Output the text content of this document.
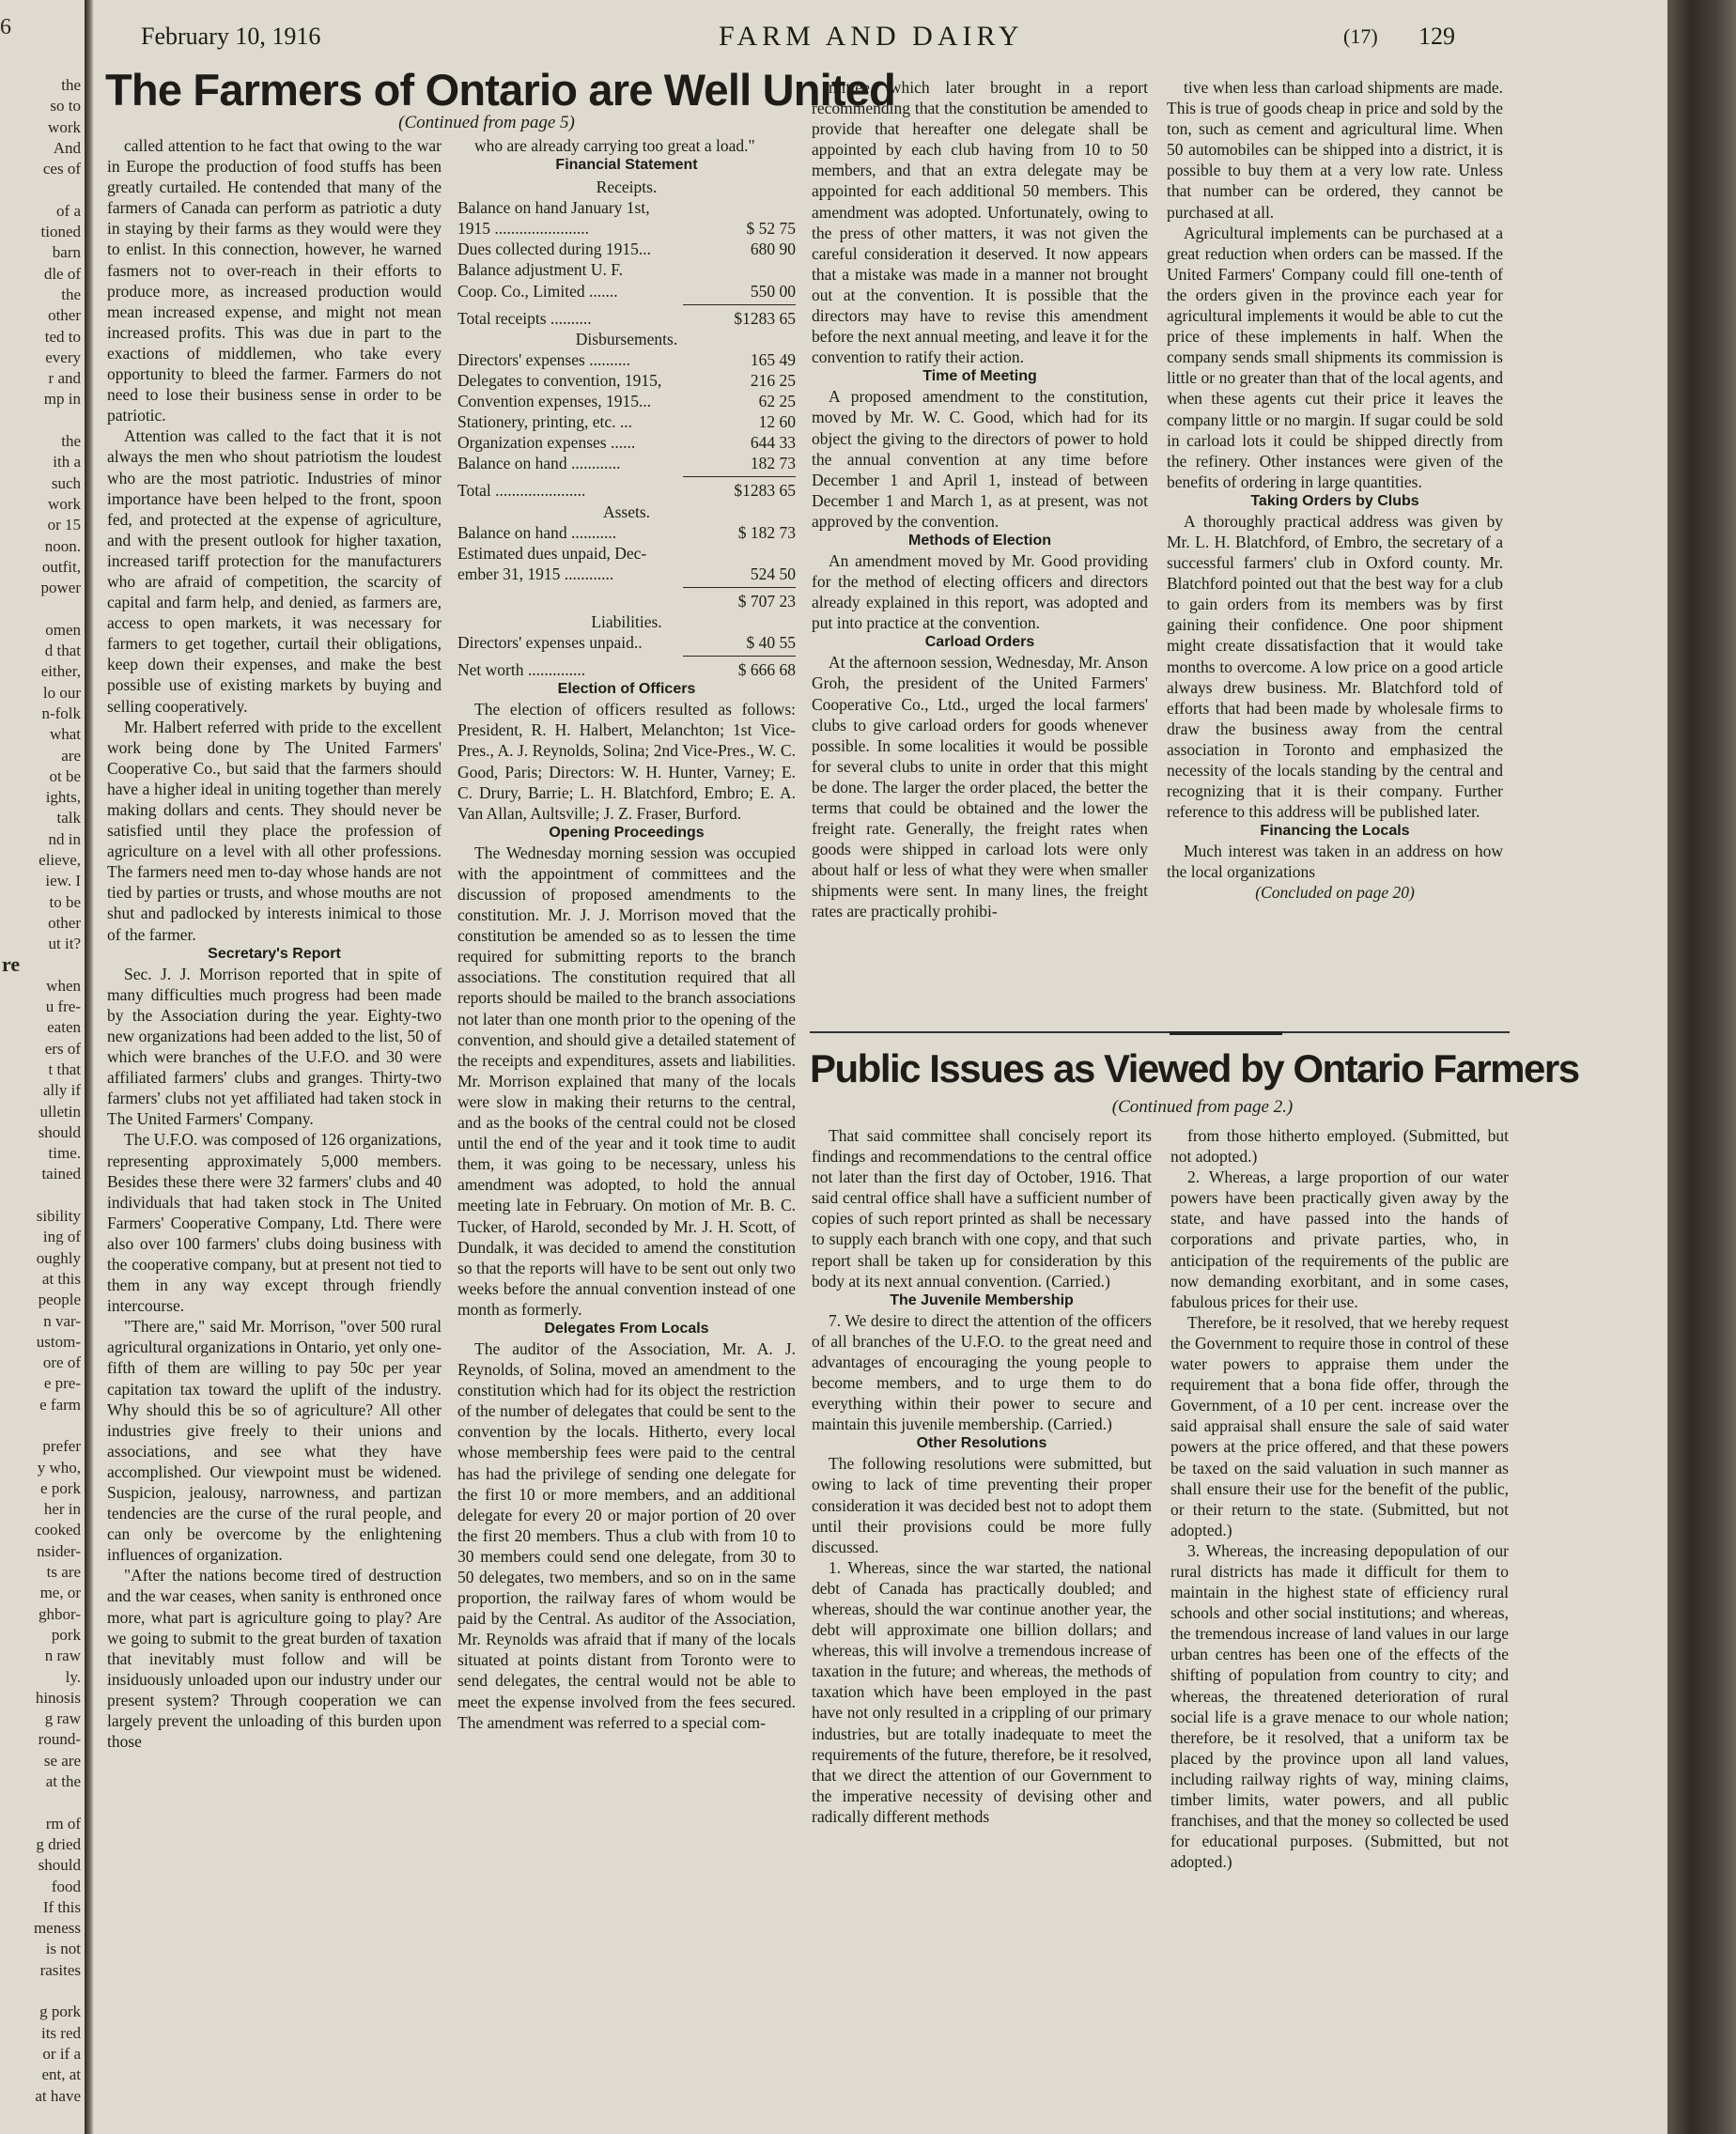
February 10, 1916	FARM AND DAIRY	(17) 129
6
the
so to
work
And
ces of

of a
tioned
barn
dle of
the
other
ted to
every
r and
mp in

the
ith a
such
work
or 15
noon.
outfit,
power

omen
d that
either,
lo our
n-folk
what
are
ot be
ights,
talk
nd in
elieve,
iew. I
to be
other
ut it?
re
when
u fre-
eaten
ers of
t that
ally if
ulletin
should
time.
tained

sibility
ing of
oughly
at this
people
n var-
ustom-
ore of
e pre-
e farm

prefer
y who,
e pork
her in
cooked
nsider-
ts are
me, or
ghbor-
pork
n raw
ly.
hinosis
g raw
round-
se are
at the

rm of
g dried
should
food
If this
meness
is not
rasites

g pork
its red
or if a
ent, at
at have
The Farmers of Ontario are Well United
(Continued from page 5)

called attention to he fact that owing to the war in Europe the production of food stuffs has been greatly curtailed. He contended that many of the farmers of Canada can perform as patriotic a duty in staying by their farms as they would were they to enlist. In this connection, however, he warned fasmers not to over-reach in their efforts to produce more, as increased production would mean increased expense, and might not mean increased profits. This was due in part to the exactions of middlemen, who take every opportunity to bleed the farmer. Farmers do not need to lose their business sense in order to be patriotic.

Attention was called to the fact that it is not always the men who shout patriotism the loudest who are the most patriotic. Industries of minor importance have been helped to the front, spoon fed, and protected at the expense of agriculture, and with the present outlook for higher taxation, increased tariff protection for the manufacturers who are afraid of competition, the scarcity of capital and farm help, and denied, as farmers are, access to open markets, it was necessary for farmers to get together, curtail their obligations, keep down their expenses, and make the best possible use of existing markets by buying and selling cooperatively.

Mr. Halbert referred with pride to the excellent work being done by The United Farmers' Cooperative Co., but said that the farmers should have a higher ideal in uniting together than merely making dollars and cents. They should never be satisfied until they place the profession of agriculture on a level with all other professions. The farmers need men to-day whose hands are not tied by parties or trusts, and whose mouths are not shut and padlocked by interests inimical to those of the farmer.

Secretary's Report

Sec. J. J. Morrison reported that in spite of many difficulties much progress had been made by the Association during the year. Eighty-two new organizations had been added to the list, 50 of which were branches of the U.F.O. and 30 were affiliated farmers' clubs and granges. Thirty-two farmers' clubs not yet affiliated had taken stock in The United Farmers' Company.

The U.F.O. was composed of 126 organizations, representing approximately 5,000 members. Besides these there were 32 farmers' clubs and 40 individuals that had taken stock in The United Farmers' Cooperative Company, Ltd. There were also over 100 farmers' clubs doing business with the cooperative company, but at present not tied to them in any way except through friendly intercourse.

"There are," said Mr. Morrison, "over 500 rural agricultural organizations in Ontario, yet only one-fifth of them are willing to pay 50c per year capitation tax toward the uplift of the industry. Why should this be so of agriculture? All other industries give freely to their unions and associations, and see what they have accomplished. Our viewpoint must be widened. Suspicion, jealousy, narrowness, and partizan tendencies are the curse of the rural people, and can only be overcome by the enlightening influences of organization.

"After the nations become tired of destruction and the war ceases, when sanity is enthroned once more, what part is agriculture going to play? Are we going to submit to the great burden of taxation that inevitably must follow and will be insiduously unloaded upon our industry under our present system? Through cooperation we can largely prevent the unloading of this burden upon those

who are already carrying too great a load."

Financial Statement
Receipts.
Balance on hand January 1st,
1915 .......................	$ 52 75
Dues collected during 1915...	680 90
Balance adjustment U. F.
Coop. Co., Limited .......	550 00
Total receipts ..........	$1283 65
Disbursements.
Directors' expenses ..........	165 49
Delegates to convention, 1915,	216 25
Convention expenses, 1915...	62 25
Stationery, printing, etc. ...	12 60
Organization expenses ......	644 33
Balance on hand ............	182 73
Total ......................	$1283 65
Assets.
Balance on hand ...........	$ 182 73
Estimated dues unpaid, Dec-
ember 31, 1915 ............	524 50
$ 707 23
Liabilities.
Directors' expenses unpaid..	$ 40 55
Net worth ..............	$ 666 68
Election of Officers

The election of officers resulted as follows: President, R. H. Halbert, Melanchton; 1st Vice-Pres., A. J. Reynolds, Solina; 2nd Vice-Pres., W. C. Good, Paris; Directors: W. H. Hunter, Varney; E. C. Drury, Barrie; L. H. Blatchford, Embro; E. A. Van Allan, Aultsville; J. Z. Fraser, Burford.

Opening Proceedings

The Wednesday morning session was occupied with the appointment of committees and the discussion of proposed amendments to the constitution. Mr. J. J. Morrison moved that the constitution be amended so as to lessen the time required for submitting reports to the branch associations. The constitution required that all reports should be mailed to the branch associations not later than one month prior to the opening of the convention, and should give a detailed statement of the receipts and expenditures, assets and liabilities. Mr. Morrison explained that many of the locals were slow in making their returns to the central, and as the books of the central could not be closed until the end of the year and it took time to audit them, it was going to be necessary, unless his amendment was adopted, to hold the annual meeting late in February. On motion of Mr. B. C. Tucker, of Harold, seconded by Mr. J. H. Scott, of Dundalk, it was decided to amend the constitution so that the reports will have to be sent out only two weeks before the annual convention instead of one month as formerly.

Delegates From Locals

The auditor of the Association, Mr. A. J. Reynolds, of Solina, moved an amendment to the constitution which had for its object the restriction of the number of delegates that could be sent to the convention by the locals. Hitherto, every local whose membership fees were paid to the central has had the privilege of sending one delegate for the first 10 or more members, and an additional delegate for every 20 or major portion of 20 over the first 20 members. Thus a club with from 10 to 30 members could send one delegate, from 30 to 50 delegates, two members, and so on in the same proportion, the railway fares of whom would be paid by the Central. As auditor of the Association, Mr. Reynolds was afraid that if many of the locals situated at points distant from Toronto were to send delegates, the central would not be able to meet the expense involved from the fees secured. The amendment was referred to a special com-

mittee, which later brought in a report recommending that the constitution be amended to provide that hereafter one delegate shall be appointed by each club having from 10 to 50 members, and that an extra delegate may be appointed for each additional 50 members. This amendment was adopted. Unfortunately, owing to the press of other matters, it was not given the careful consideration it deserved. It now appears that a mistake was made in a manner not brought out at the convention. It is possible that the directors may have to revise this amendment before the next annual meeting, and leave it for the convention to ratify their action.

Time of Meeting

A proposed amendment to the constitution, moved by Mr. W. C. Good, which had for its object the giving to the directors of power to hold the annual convention at any time before December 1 and April 1, instead of between December 1 and March 1, as at present, was not approved by the convention.

Methods of Election

An amendment moved by Mr. Good providing for the method of electing officers and directors already explained in this report, was adopted and put into practice at the convention.

Carload Orders

At the afternoon session, Wednesday, Mr. Anson Groh, the president of the United Farmers' Cooperative Co., Ltd., urged the local farmers' clubs to give carload orders for goods whenever possible. In some localities it would be possible for several clubs to unite in order that this might be done. The larger the order placed, the better the terms that could be obtained and the lower the freight rate. Generally, the freight rates when goods were shipped in carload lots were only about half or less of what they were when smaller shipments were sent. In many lines, the freight rates are practically prohibi-

tive when less than carload shipments are made. This is true of goods cheap in price and sold by the ton, such as cement and agricultural lime. When 50 automobiles can be shipped into a district, it is possible to buy them at a very low rate. Unless that number can be ordered, they cannot be purchased at all.

Agricultural implements can be purchased at a great reduction when orders can be massed. If the United Farmers' Company could fill one-tenth of the orders given in the province each year for agricultural implements it would be able to cut the price of these implements in half. When the company sends small shipments its commission is little or no greater than that of the local agents, and when these agents cut their price it leaves the company little or no margin. If sugar could be sold in carload lots it could be shipped directly from the refinery. Other instances were given of the benefits of ordering in large quantities.

Taking Orders by Clubs

A thoroughly practical address was given by Mr. L. H. Blatchford, of Embro, the secretary of a successful farmers' club in Oxford county. Mr. Blatchford pointed out that the best way for a club to gain orders from its members was by first gaining their confidence. One poor shipment might create dissatisfaction that it would take months to overcome. A low price on a good article always drew business. Mr. Blatchford told of efforts that had been made by wholesale firms to draw the business away from the central association in Toronto and emphasized the necessity of the locals standing by the central and recognizing that it is their company. Further reference to this address will be published later.

Financing the Locals

Much interest was taken in an address on how the local organizations

(Concluded on page 20)

Public Issues as Viewed by Ontario Farmers
(Continued from page 2.)

That said committee shall concisely report its findings and recommendations to the central office not later than the first day of October, 1916. That said central office shall have a sufficient number of copies of such report printed as shall be necessary to supply each branch with one copy, and that such report shall be taken up for consideration by this body at its next annual convention. (Carried.)

The Juvenile Membership

7. We desire to direct the attention of the officers of all branches of the U.F.O. to the great need and advantages of encouraging the young people to become members, and to urge them to do everything within their power to secure and maintain this juvenile membership. (Carried.)

Other Resolutions

The following resolutions were submitted, but owing to lack of time preventing their proper consideration it was decided best not to adopt them until their provisions could be more fully discussed.

1. Whereas, since the war started, the national debt of Canada has practically doubled; and whereas, should the war continue another year, the debt will approximate one billion dollars; and whereas, this will involve a tremendous increase of taxation in the future; and whereas, the methods of taxation which have been employed in the past have not only resulted in a crippling of our primary industries, but are totally inadequate to meet the requirements of the future, therefore, be it resolved, that we direct the attention of our Government to the imperative necessity of devising other and radically different methods

from those hitherto employed. (Submitted, but not adopted.)

2. Whereas, a large proportion of our water powers have been practically given away by the state, and have passed into the hands of corporations and private parties, who, in anticipation of the requirements of the public are now demanding exorbitant, and in some cases, fabulous prices for their use.

Therefore, be it resolved, that we hereby request the Government to require those in control of these water powers to appraise them under the requirement that a bona fide offer, through the Government, of a 10 per cent. increase over the said appraisal shall ensure the sale of said water powers at the price offered, and that these powers be taxed on the said valuation in such manner as shall ensure their use for the benefit of the public, or their return to the state. (Submitted, but not adopted.)

3. Whereas, the increasing depopulation of our rural districts has made it difficult for them to maintain in the highest state of efficiency rural schools and other social institutions; and whereas, the tremendous increase of land values in our large urban centres has been one of the effects of the shifting of population from country to city; and whereas, the threatened deterioration of rural social life is a grave menace to our whole nation; therefore, be it resolved, that a uniform tax be placed by the province upon all land values, including railway rights of way, mining claims, timber limits, water powers, and all public franchises, and that the money so collected be used for educational purposes. (Submitted, but not adopted.)
